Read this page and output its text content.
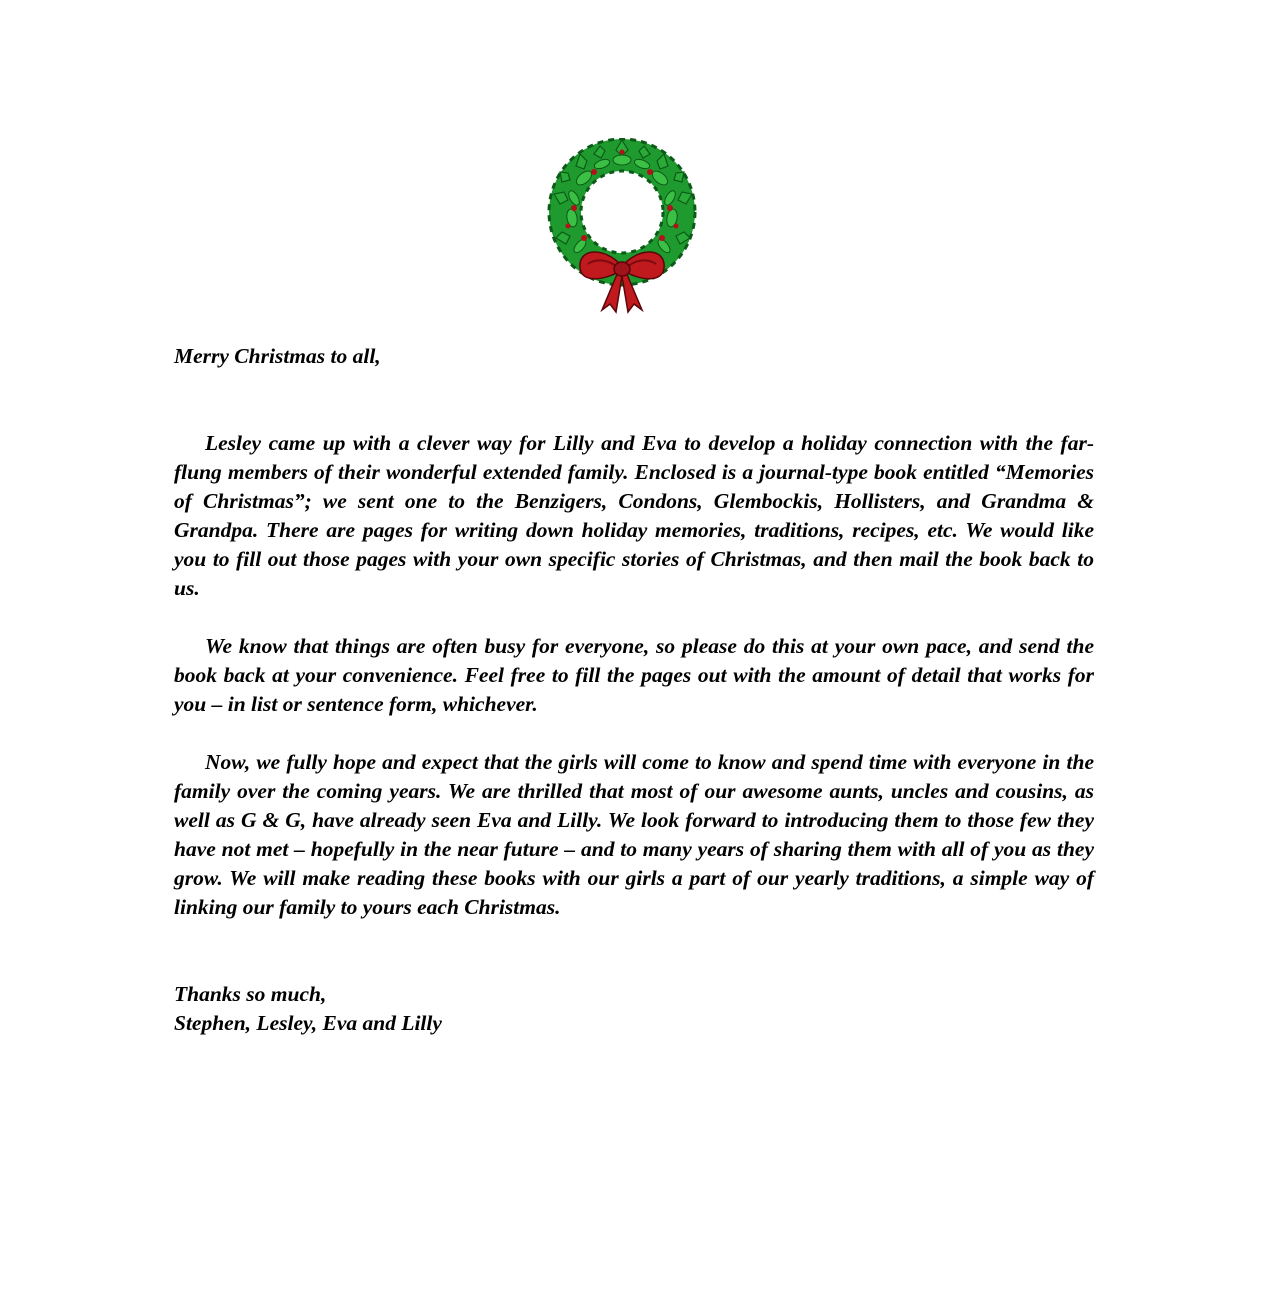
Merry Christmas to all,

Lesley came up with a clever way for Lilly and Eva to develop a holiday connection with the far-flung members of their wonderful extended family. Enclosed is a journal-type book entitled “Memories of Christmas”; we sent one to the Benzigers, Condons, Glembockis, Hollisters, and Grandma & Grandpa. There are pages for writing down holiday memories, traditions, recipes, etc. We would like you to fill out those pages with your own specific stories of Christmas, and then mail the book back to us.

We know that things are often busy for everyone, so please do this at your own pace, and send the book back at your convenience. Feel free to fill the pages out with the amount of detail that works for you – in list or sentence form, whichever.

Now, we fully hope and expect that the girls will come to know and spend time with everyone in the family over the coming years. We are thrilled that most of our awesome aunts, uncles and cousins, as well as G & G, have already seen Eva and Lilly. We look forward to introducing them to those few they have not met – hopefully in the near future – and to many years of sharing them with all of you as they grow. We will make reading these books with our girls a part of our yearly traditions, a simple way of linking our family to yours each Christmas.

Thanks so much,

Stephen, Lesley, Eva and Lilly
